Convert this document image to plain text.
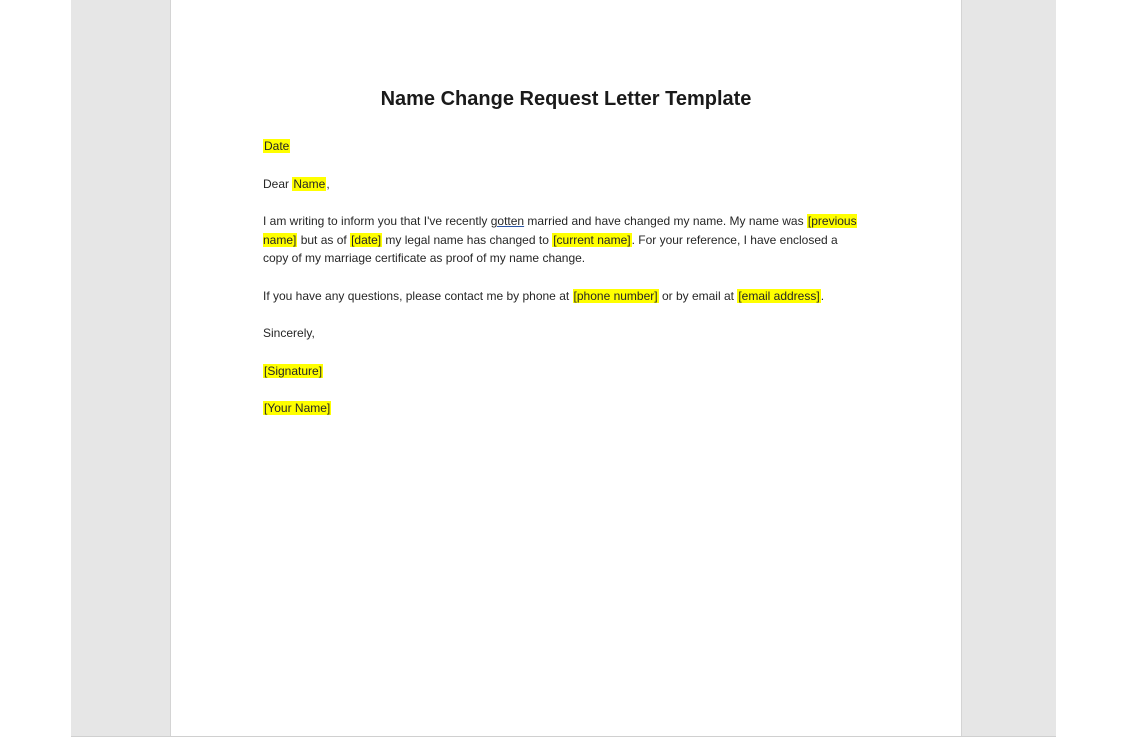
Name Change Request Letter Template

Date

Dear Name,

I am writing to inform you that I've recently gotten married and have changed my name. My name was [previous name] but as of [date] my legal name has changed to [current name]. For your reference, I have enclosed a copy of my marriage certificate as proof of my name change.

If you have any questions, please contact me by phone at [phone number] or by email at [email address].

Sincerely,

[Signature]

[Your Name]
